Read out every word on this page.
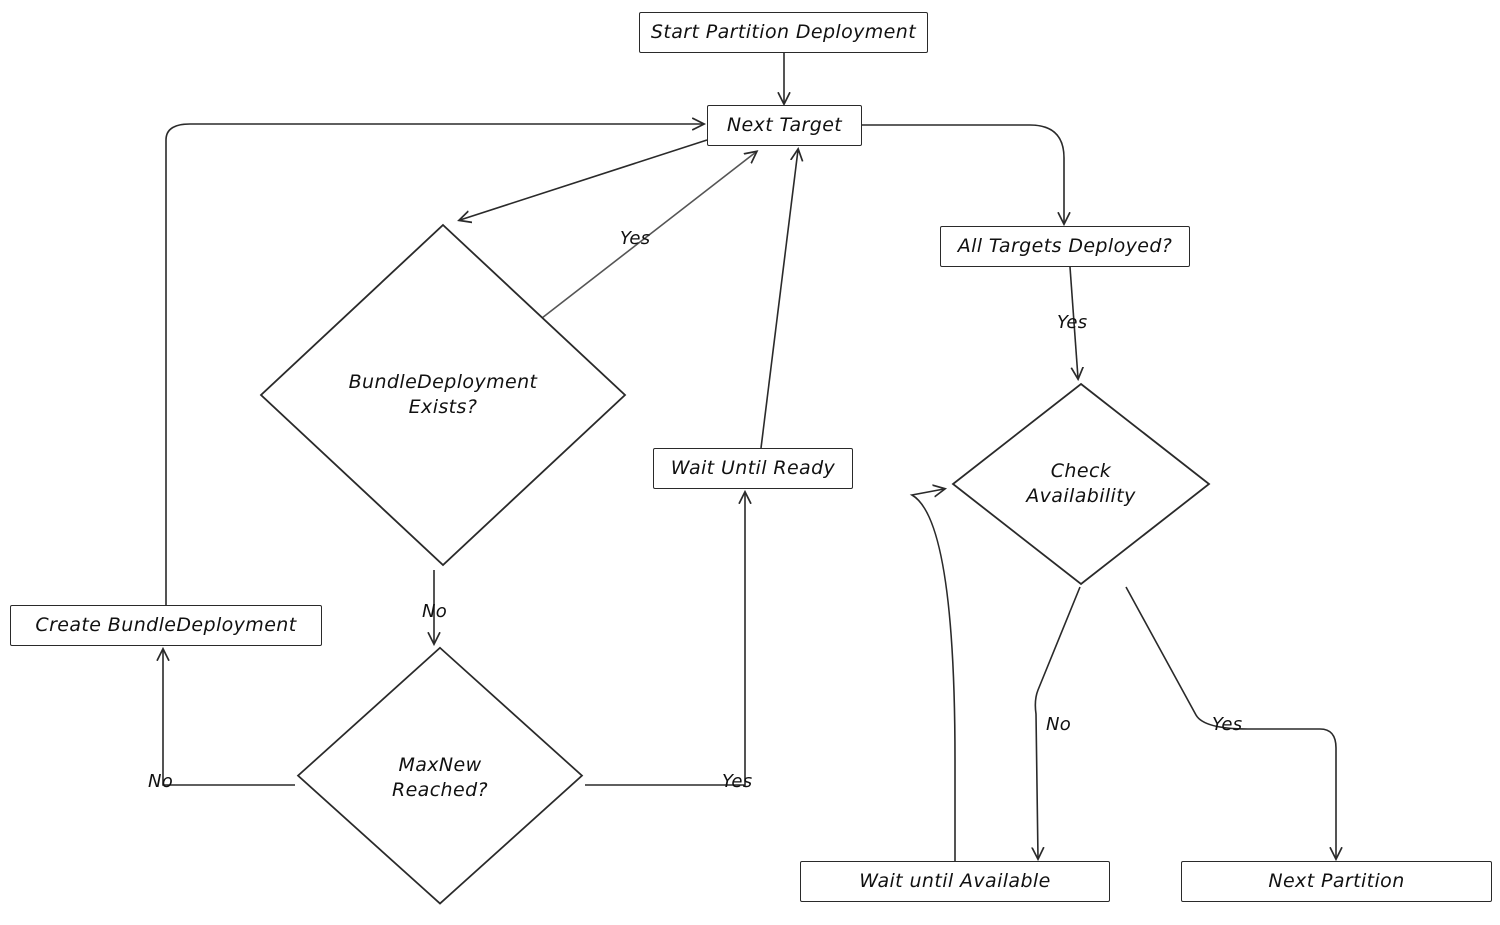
Start Partition Deployment
Next Target
All Targets Deployed?
Wait Until Ready
Create BundleDeployment
Wait until Available	Next Partition
BundleDeployment
Exists?
Check
Availability
MaxNew
Reached?
Yes
Yes
No
No	Yes
No	Yes
